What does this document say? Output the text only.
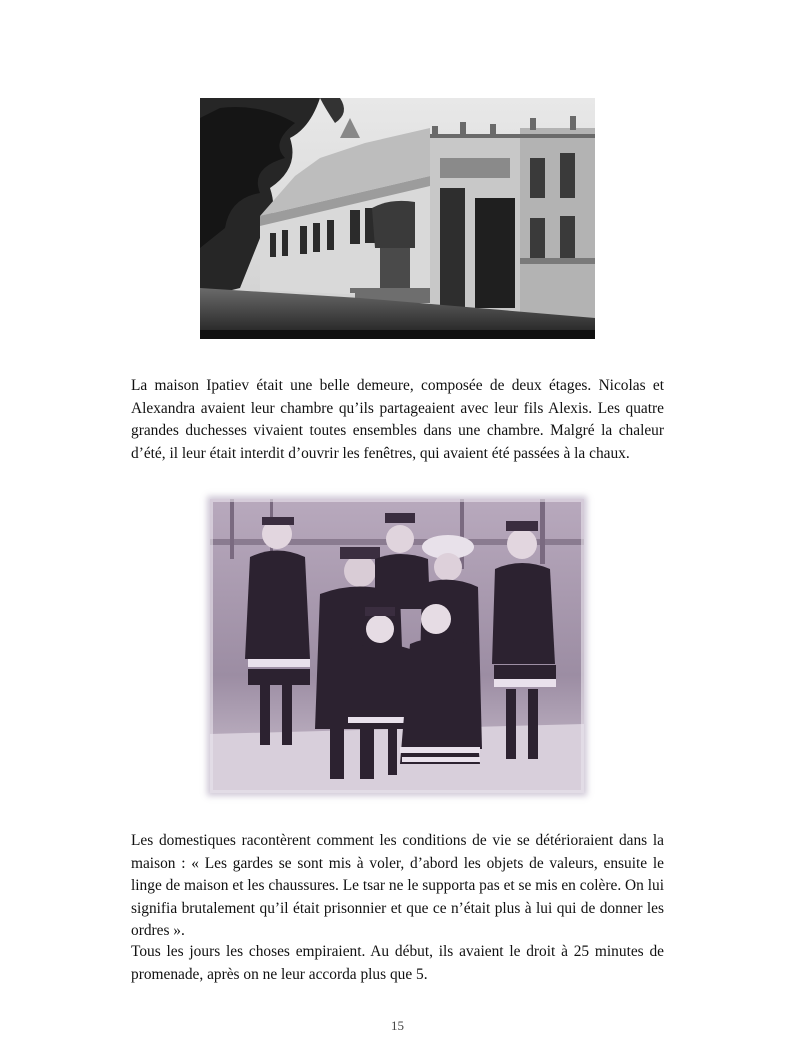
La maison Ipatiev était une belle demeure, composée de deux étages. Nicolas et Alexandra avaient leur chambre qu’ils partageaient avec leur fils Alexis. Les quatre grandes duchesses vivaient toutes ensembles dans une chambre. Malgré la chaleur d’été, il leur était interdit d’ouvrir les fenêtres, qui avaient été passées à la chaux.

Les domestiques racontèrent comment les conditions de vie se détérioraient dans la maison : « Les gardes se sont mis à voler, d’abord les objets de valeurs, ensuite le linge de maison et les chaussures. Le tsar ne le supporta pas et se mis en colère. On lui signifia brutalement qu’il était prisonnier et que ce n’était plus à lui qui de donner les ordres ».

Tous les jours les choses empiraient. Au début, ils avaient le droit à 25 minutes de promenade, après on ne leur accorda plus que 5.

15
